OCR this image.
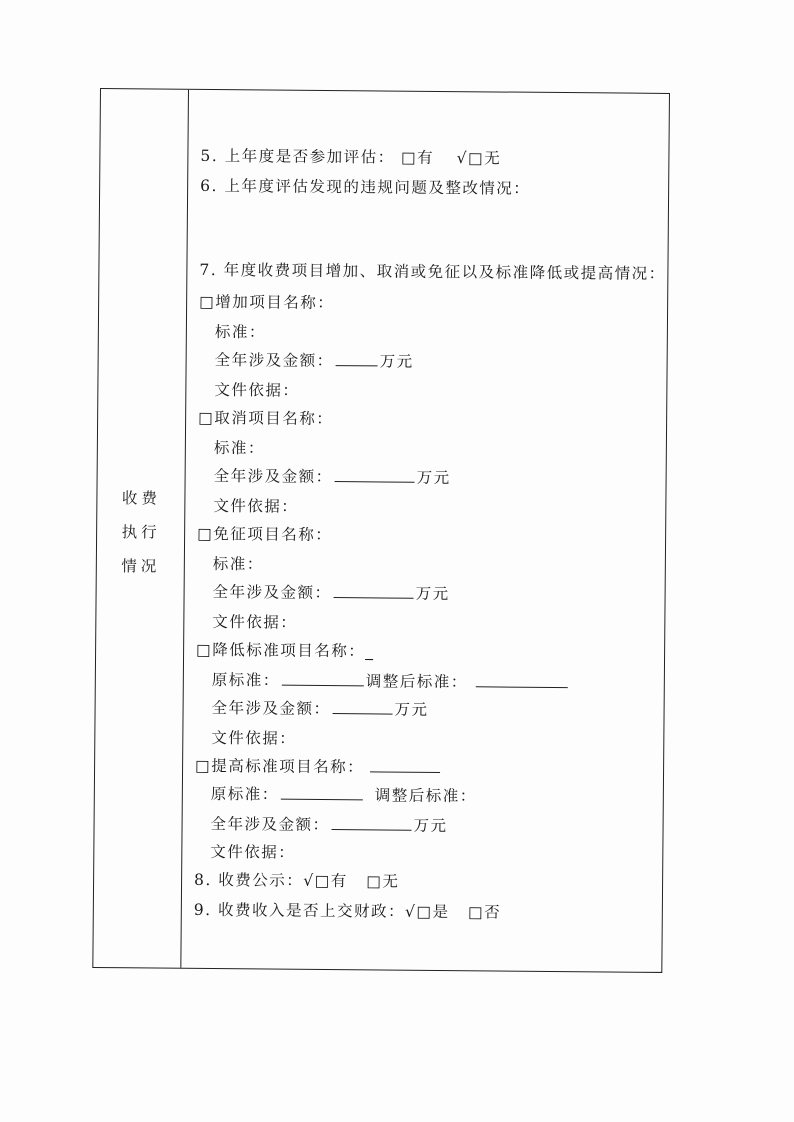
收费
执行
情况
5. 上年度是否参加评估： □有 √□无
6. 上年度评估发现的违规问题及整改情况：
7. 年度收费项目增加、取消或免征以及标准降低或提高情况：
□增加项目名称：
标准：
全年涉及金额：	万元
文件依据：
□取消项目名称：
标准：
全年涉及金额：	万元
文件依据：
□免征项目名称：
标准：
全年涉及金额：	万元
文件依据：
□降低标准项目名称：_
原标准：	调整后标准：
全年涉及金额：	万元
文件依据：
□提高标准项目名称：
原标准：	调整后标准：
全年涉及金额：	万元
文件依据：
8. 收费公示：√□有 □无
9. 收费收入是否上交财政：√□是 □否
